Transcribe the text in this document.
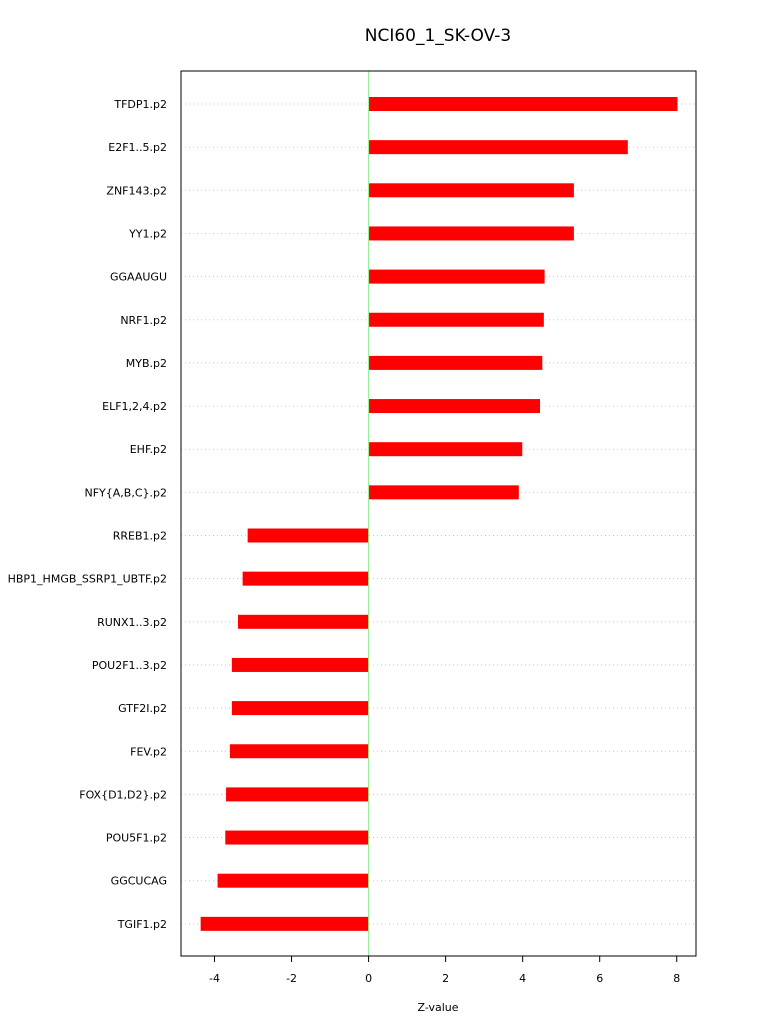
NCI60_1_SK-OV-3
TFDP1.p2
E2F1..5.p2
ZNF143.p2
YY1.p2
GGAAUGU
NRF1.p2
MYB.p2
ELF1,2,4.p2
EHF.p2
NFY{A,B,C}.p2
RREB1.p2
HBP1_HMGB_SSRP1_UBTF.p2
RUNX1..3.p2
POU2F1..3.p2
GTF2I.p2
FEV.p2
FOX{D1,D2}.p2
POU5F1.p2
GGCUCAG
TGIF1.p2
-4	-2	0	2	4	6	8
Z-value
